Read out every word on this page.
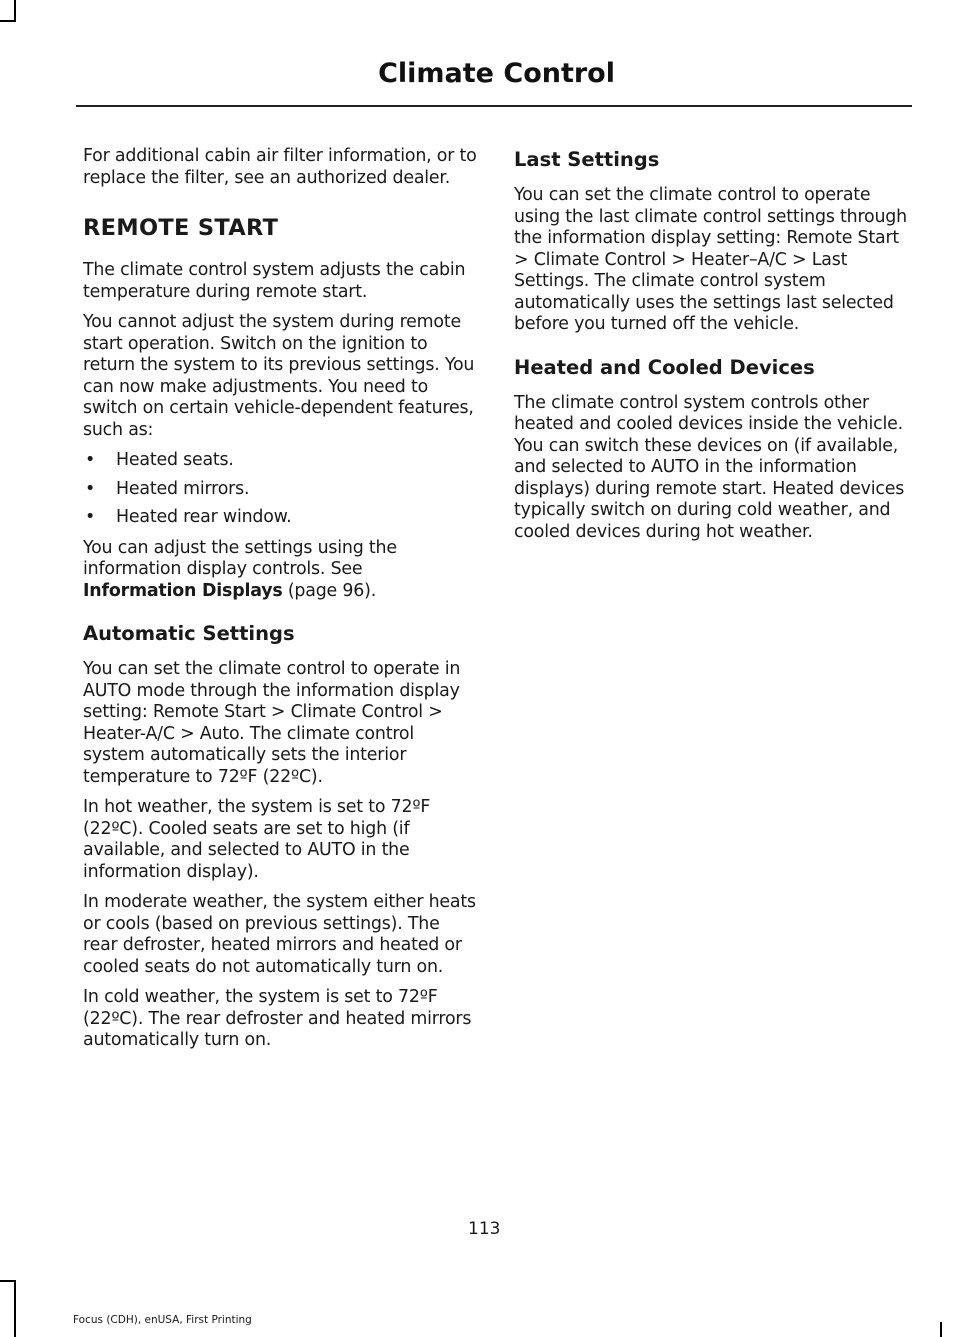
Climate Control

For additional cabin air filter information, or to replace the filter, see an authorized dealer.

REMOTE START

The climate control system adjusts the cabin temperature during remote start.

You cannot adjust the system during remote start operation. Switch on the ignition to return the system to its previous settings. You can now make adjustments. You need to switch on certain vehicle-dependent features, such as:

• Heated seats.
• Heated mirrors.
• Heated rear window.

You can adjust the settings using the information display controls. See Information Displays (page 96).

Automatic Settings

You can set the climate control to operate in AUTO mode through the information display setting: Remote Start > Climate Control > Heater-A/C > Auto. The climate control system automatically sets the interior temperature to 72ºF (22ºC).

In hot weather, the system is set to 72ºF (22ºC). Cooled seats are set to high (if available, and selected to AUTO in the information display).

In moderate weather, the system either heats or cools (based on previous settings). The rear defroster, heated mirrors and heated or cooled seats do not automatically turn on.

In cold weather, the system is set to 72ºF (22ºC). The rear defroster and heated mirrors automatically turn on.

Last Settings

You can set the climate control to operate using the last climate control settings through the information display setting: Remote Start > Climate Control > Heater–A/C > Last Settings. The climate control system automatically uses the settings last selected before you turned off the vehicle.

Heated and Cooled Devices

The climate control system controls other heated and cooled devices inside the vehicle. You can switch these devices on (if available, and selected to AUTO in the information displays) during remote start. Heated devices typically switch on during cold weather, and cooled devices during hot weather.

113
Focus (CDH), enUSA, First Printing
